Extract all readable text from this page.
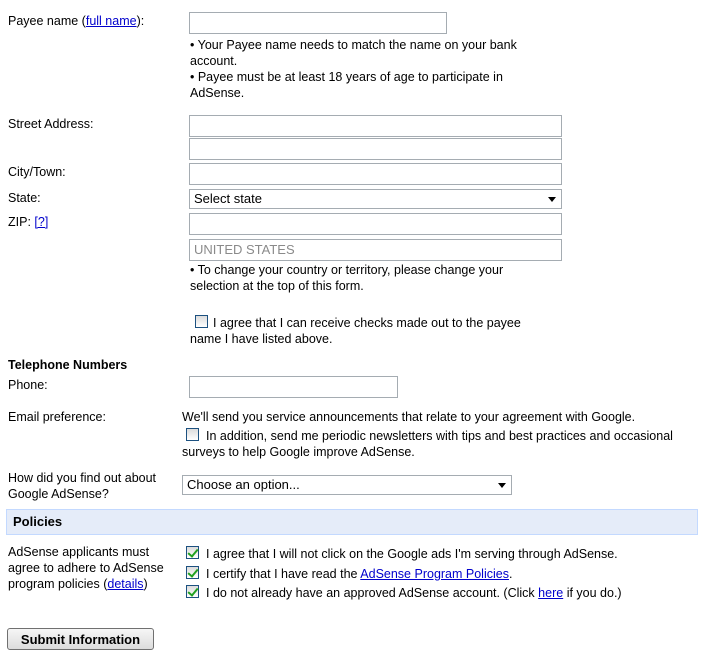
Payee name (full name):
• Your Payee name needs to match the name on your bank account.
• Payee must be at least 18 years of age to participate in AdSense.
Street Address:
City/Town:
State:	Select state
ZIP: [?]
UNITED STATES
• To change your country or territory, please change your selection at the top of this form.
I agree that I can receive checks made out to the payee name I have listed above.
Telephone Numbers
Phone:
Email preference:	We'll send you service announcements that relate to your agreement with Google.
In addition, send me periodic newsletters with tips and best practices and occasional surveys to help Google improve AdSense.
How did you find out about Google AdSense?
Choose an option...
Policies
AdSense applicants must agree to adhere to AdSense program policies (details)
I agree that I will not click on the Google ads I'm serving through AdSense.
I certify that I have read the AdSense Program Policies.
I do not already have an approved AdSense account. (Click here if you do.)
Submit Information
